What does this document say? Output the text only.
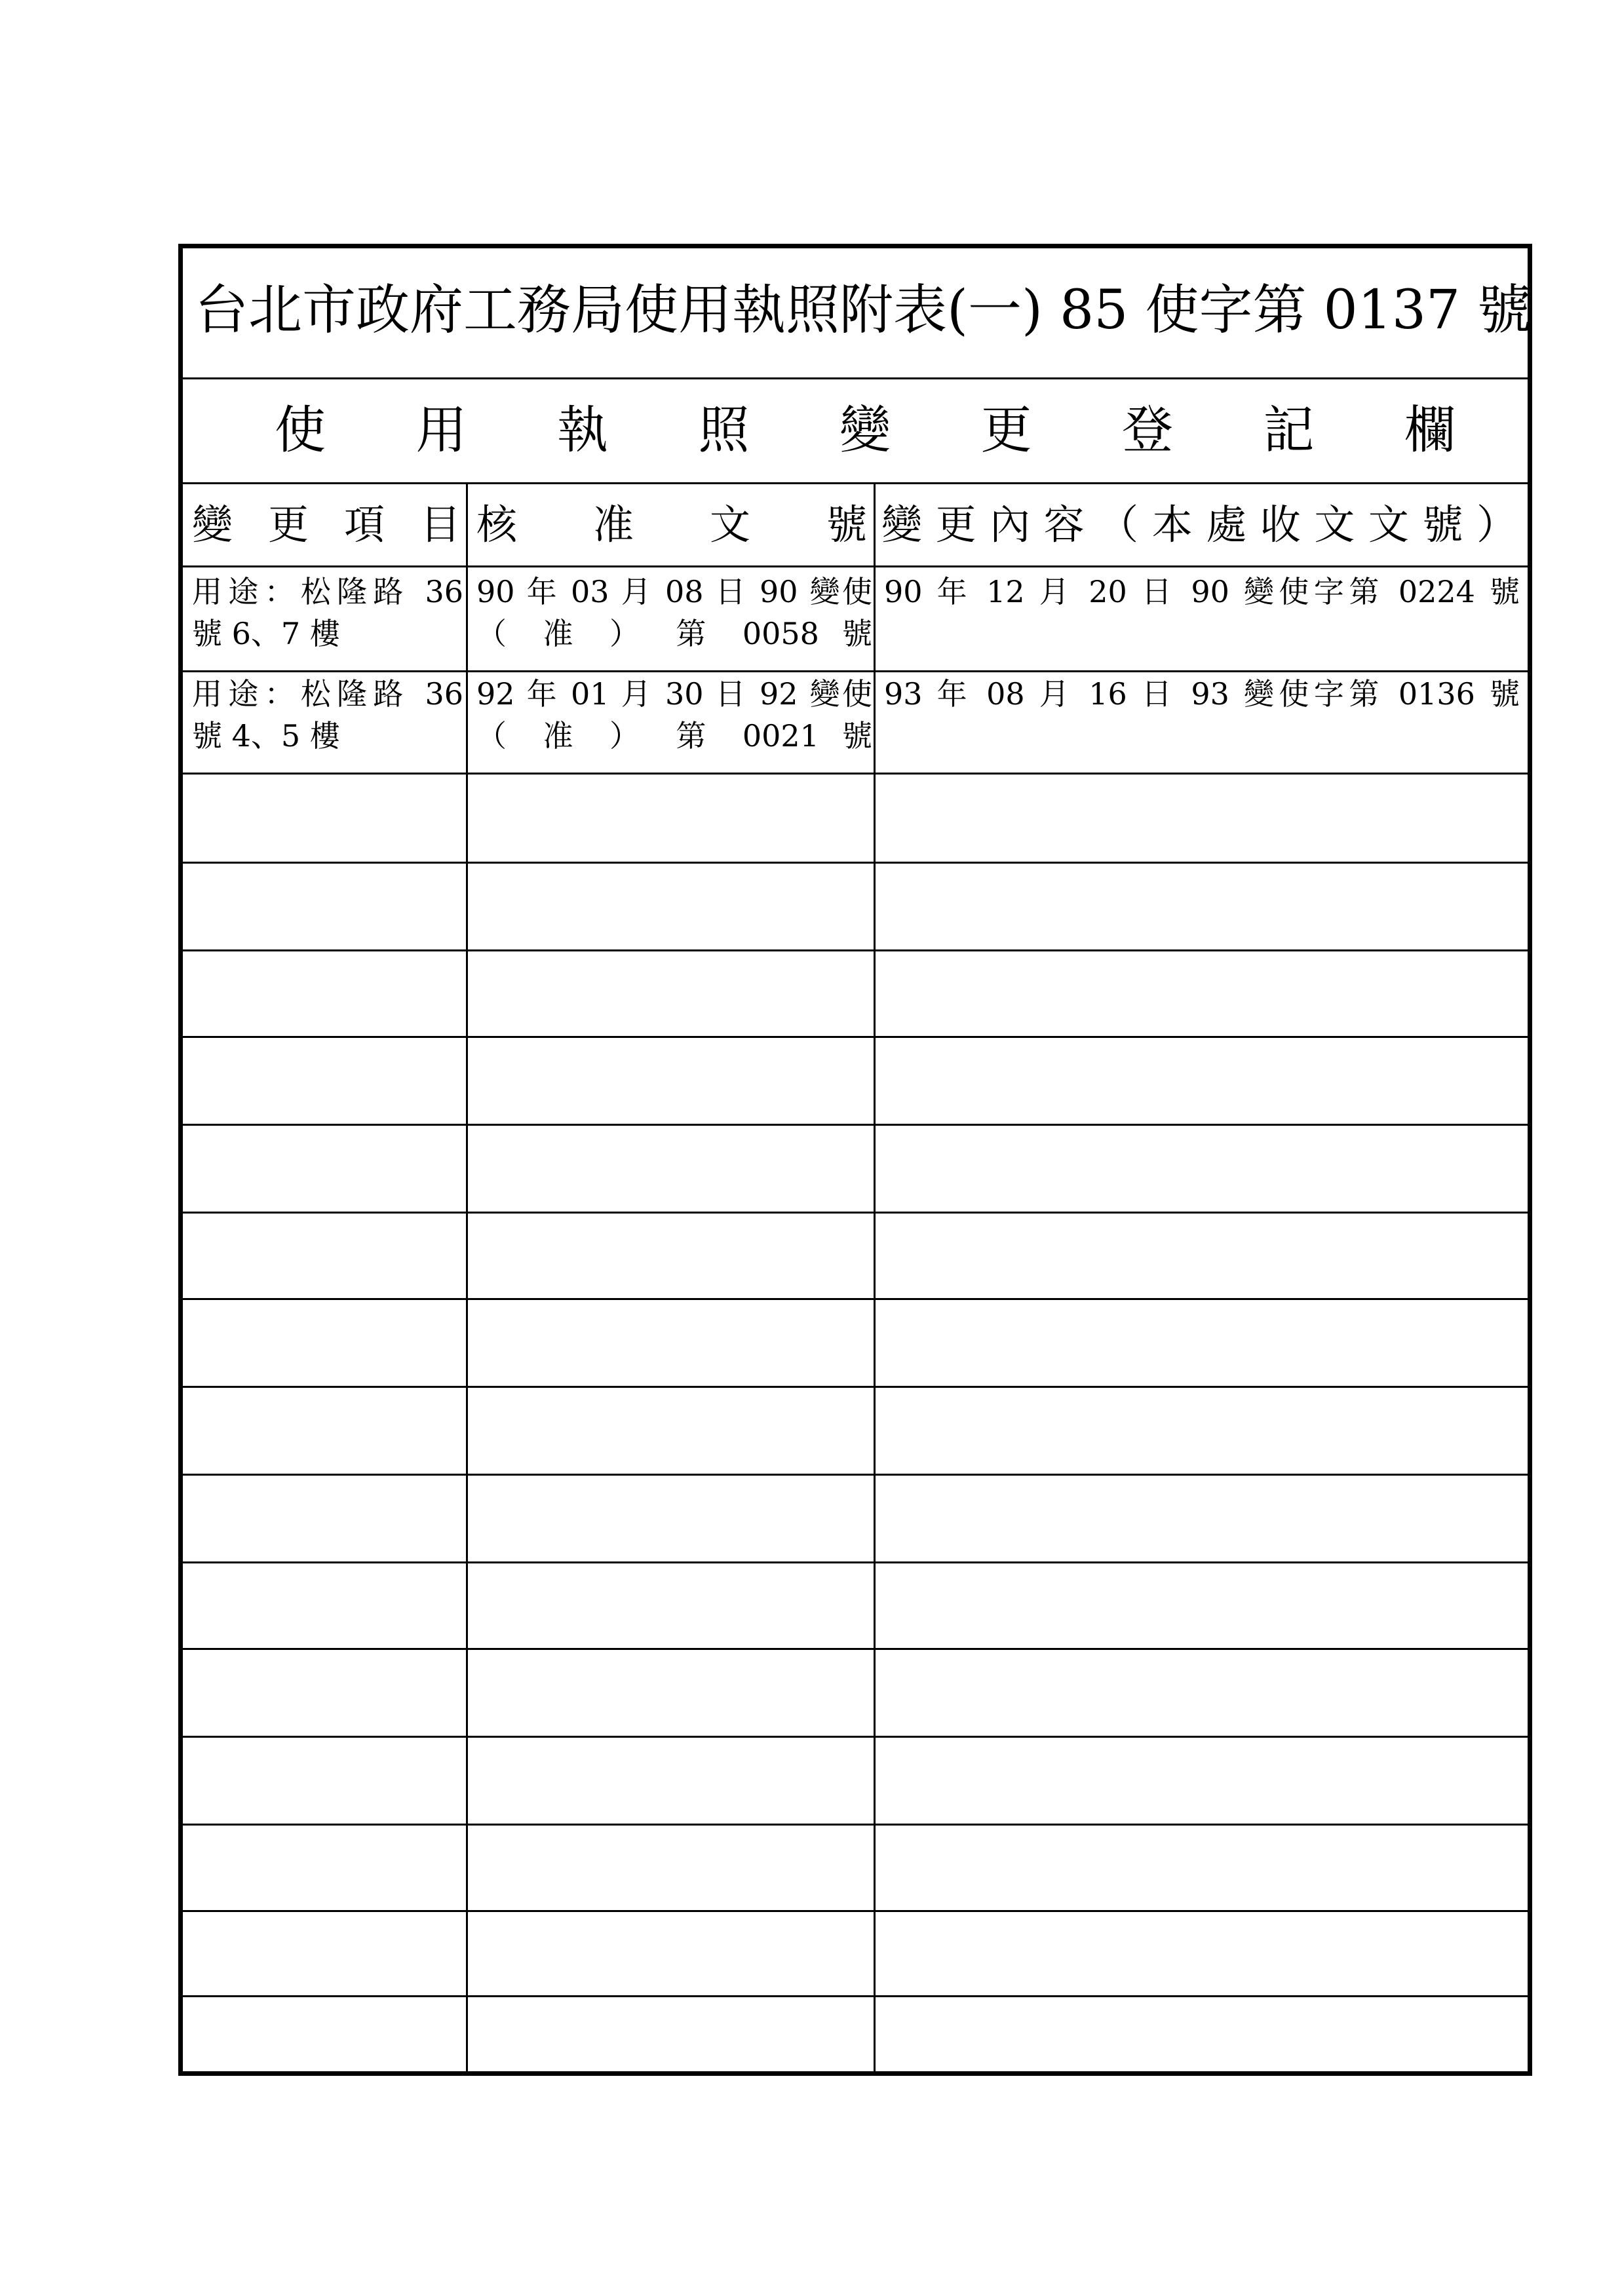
台北市政府工務局使用執照附表(一) 85 使字第 0137 號
使 用 執 照 變 更 登 記 欄
變 更 項 目 核 准 文 號 變更內容（本處收文文號）
用途：松隆路 36
號 6、7 樓
90 年 03 月 08 日 90 變使
（ 准 ） 第 0058 號
90 年 12 月 20 日 90 變使字第 0224 號
用途：松隆路 36
號 4、5 樓
92 年 01 月 30 日 92 變使
（ 准 ） 第 0021 號
93 年 08 月 16 日 93 變使字第 0136 號
